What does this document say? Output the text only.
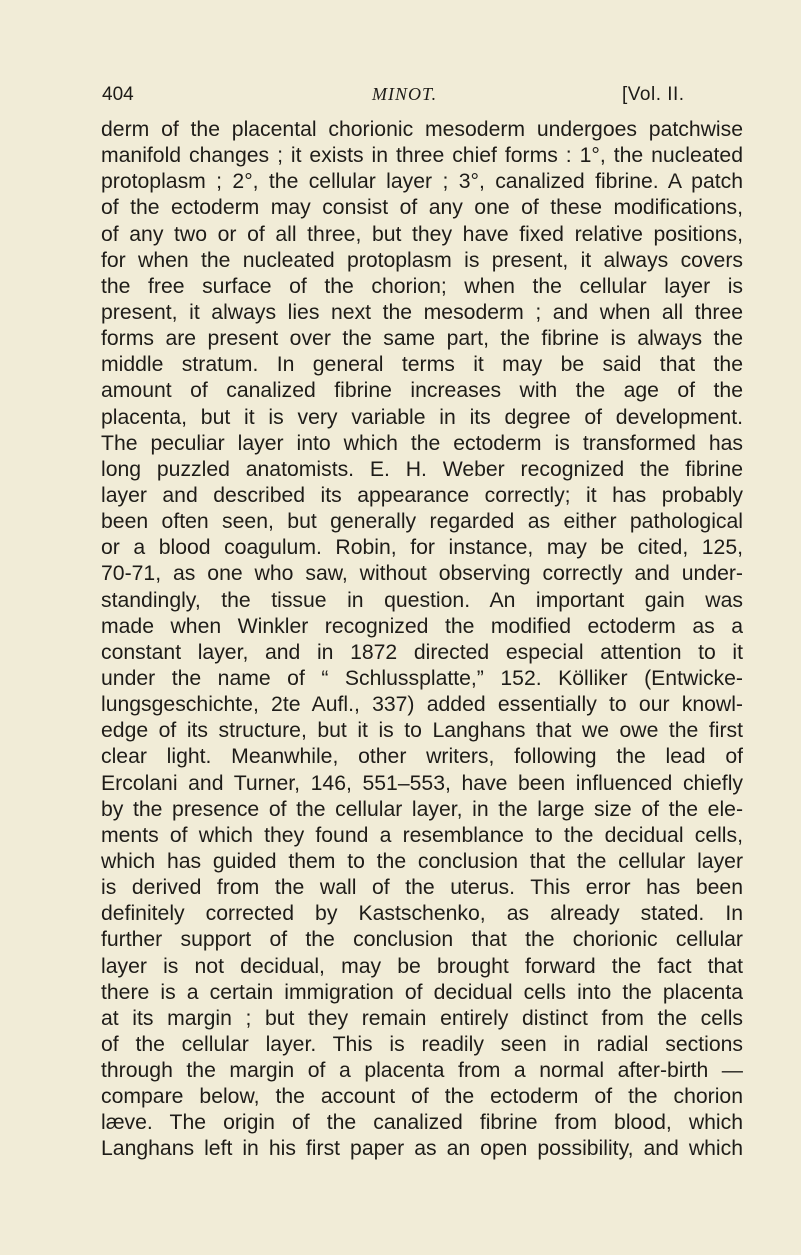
404	MINOT.	[Vol. II.
derm of the placental chorionic mesoderm undergoes patchwise
manifold changes ; it exists in three chief forms : 1°, the nucleated
protoplasm ; 2°, the cellular layer ; 3°, canalized fibrine. A patch
of the ectoderm may consist of any one of these modifications,
of any two or of all three, but they have fixed relative positions,
for when the nucleated protoplasm is present, it always covers
the free surface of the chorion; when the cellular layer is
present, it always lies next the mesoderm ; and when all three
forms are present over the same part, the fibrine is always the
middle stratum. In general terms it may be said that the
amount of canalized fibrine increases with the age of the
placenta, but it is very variable in its degree of development.
The peculiar layer into which the ectoderm is transformed has
long puzzled anatomists. E. H. Weber recognized the fibrine
layer and described its appearance correctly; it has probably
been often seen, but generally regarded as either pathological
or a blood coagulum. Robin, for instance, may be cited, 125,
70-71, as one who saw, without observing correctly and under-
standingly, the tissue in question. An important gain was
made when Winkler recognized the modified ectoderm as a
constant layer, and in 1872 directed especial attention to it
under the name of “ Schlussplatte,” 152. Kölliker (Entwicke-
lungsgeschichte, 2te Aufl., 337) added essentially to our knowl-
edge of its structure, but it is to Langhans that we owe the first
clear light. Meanwhile, other writers, following the lead of
Ercolani and Turner, 146, 551–553, have been influenced chiefly
by the presence of the cellular layer, in the large size of the ele-
ments of which they found a resemblance to the decidual cells,
which has guided them to the conclusion that the cellular layer
is derived from the wall of the uterus. This error has been
definitely corrected by Kastschenko, as already stated. In
further support of the conclusion that the chorionic cellular
layer is not decidual, may be brought forward the fact that
there is a certain immigration of decidual cells into the placenta
at its margin ; but they remain entirely distinct from the cells
of the cellular layer. This is readily seen in radial sections
through the margin of a placenta from a normal after-birth —
compare below, the account of the ectoderm of the chorion
læve. The origin of the canalized fibrine from blood, which
Langhans left in his first paper as an open possibility, and which
